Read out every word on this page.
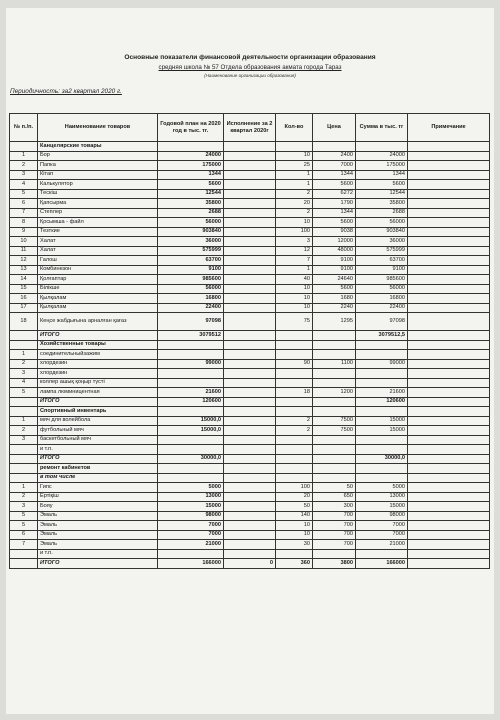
Основные показатели финансовой деятельности организации образования
средняя школа № 57 Отдела образования акмата города Тараз
(Наименование организации образования)
Периодичность: за2 квартал 2020 г.
№ п./п.	Наименование товаров	Годовой план на 2020 год в тыс. тг.	Исполнение за 2 квартал 2020г	Кол-во	Цена	Сумма в тыс. тг	Примечание
	Канцелярские товары						
1	Бор	24000		10	2400	24000	
2	Папка	175000		25	7000	175000	
3	Кітап	1344		1	1344	1344	
4	Калькулятор	5600		1	5600	5600	
5	Тескіш	12544		2	6272	12544	
6	Қапсырма	35800		20	1790	35800	
7	Степлер	2688		2	1344	2688	
8	Қосымша - файл	56000		10	5600	56000	
9	Тезткие	903840		100	9038	903840	
10	Халат	36000		3	12000	36000	
11	Халат	575999		12	48000	575999	
12	Галош	63700		7	9100	63700	
13	Комбинезон	9100		1	9100	9100	
14	Қолғаптар	985600		40	24640	985600	
15	Білікше	56000		10	5600	56000	
16	Қылқалам	16800		10	1680	16800	
17	Қылқалам	22400		10	2240	22400	
18	Кеңсе жабдығына арналған қағаз	97098		75	1295	97098	
	ИТОГО	3079512				3079512,5	
	Хозяйственные товары						
1	соединительныйзажим						
2	хлордезин	99000		90	1100	99000	
3	хлордезин						
4	коллер ашық қоңыр түсті						
5	лампа люминицентная	21600		18	1200	21600	
	ИТОГО	120600				120600	
	Спортивный инвентарь						
1	мяч для волейбола	15000,0		2	7500	15000	
2	футбольный мяч	15000,0		2	7500	15000	
3	баскетбольный мяч						
	и т.п.						
	ИТОГО	30000,0				30000,0	
	ремонт кабинетов						
	в том числе						
1	Гипс	5000		100	50	5000	
2	Ертіқіш	13000		20	650	13000	
3	Бояу	15000		50	300	15000	
5	Эмаль	98000		140	700	98000	
5	Эмаль	7000		10	700	7000	
6	Эмаль	7000		10	700	7000	
7	Эмаль	21000		30	700	21000	
	и т.п.						
	ИТОГО	166000	0	360	3800	166000	
